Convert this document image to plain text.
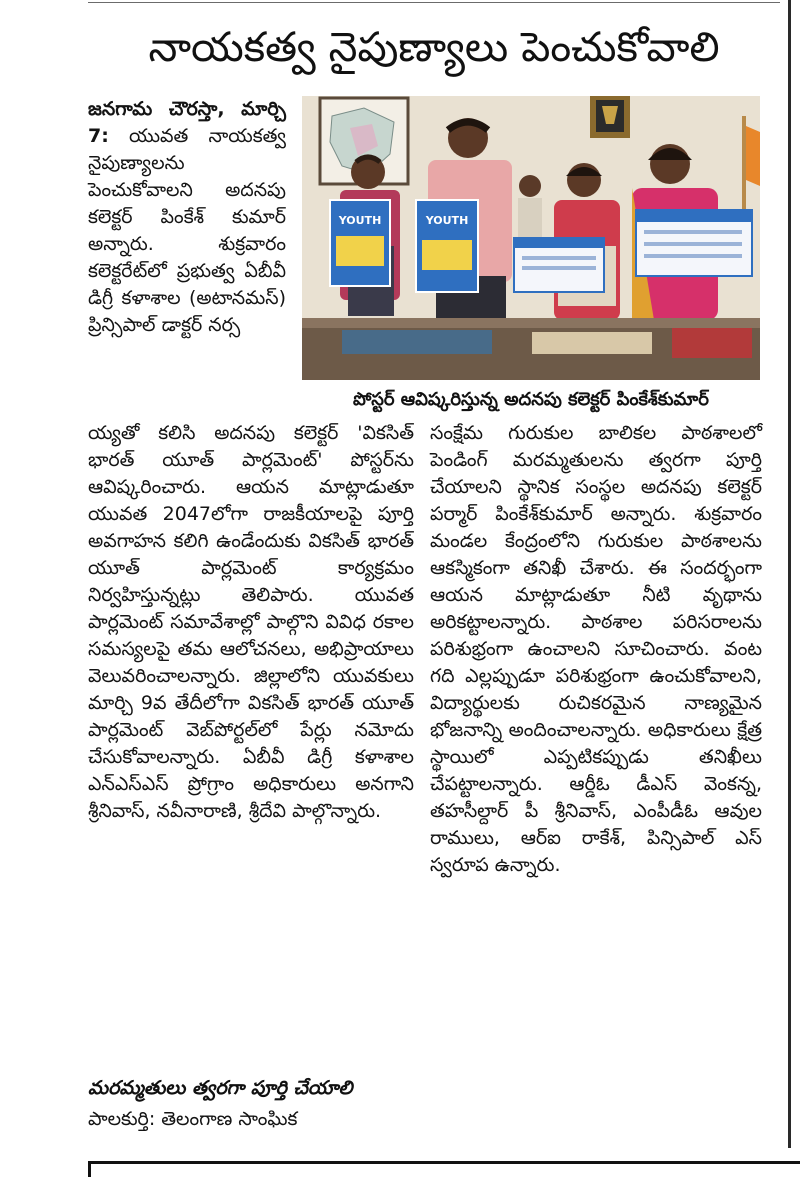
నాయకత్వ నైపుణ్యాలు పెంచుకోవాలి

జనగామ చౌరస్తా, మార్చి 7: యువత నాయకత్వ నైపుణ్యాలను పెంచుకోవాలని అదనపు కలెక్టర్ పింకేశ్ కుమార్ అన్నారు. శుక్రవారం కలెక్టరేట్‌లో ప్రభుత్వ ఏబీవీ డిగ్రీ కళాశాల (అటానమస్) ప్రిన్సిపాల్ డాక్టర్ నర్స

YOUTH	YOUTH

పోస్టర్ ఆవిష్కరిస్తున్న అదనపు కలెక్టర్ పింకేశ్‌కుమార్

య్యతో కలిసి అదనపు కలెక్టర్ 'వికసిత్ భారత్ యూత్ పార్లమెంట్' పోస్టర్‌ను ఆవిష్కరించారు. ఆయన మాట్లాడుతూ యువత 2047లోగా రాజకీయాలపై పూర్తి అవగాహన కలిగి ఉండేందుకు వికసిత్ భారత్ యూత్ పార్లమెంట్ కార్యక్రమం నిర్వహిస్తున్నట్లు తెలిపారు. యువత పార్లమెంట్ సమావేశాల్లో పాల్గొని వివిధ రకాల సమస్యలపై తమ ఆలోచనలు, అభిప్రాయాలు వెలువరించాలన్నారు. జిల్లాలోని యువకులు మార్చి 9వ తేదీలోగా వికసిత్ భారత్ యూత్ పార్లమెంట్ వెబ్‌పోర్టల్‌లో పేర్లు నమోదు చేసుకోవాలన్నారు. ఏబీవీ డిగ్రీ కళాశాల ఎన్ఎస్ఎస్ ప్రోగ్రాం అధికారులు అనగాని శ్రీనివాస్, నవీనారాణి, శ్రీదేవి పాల్గొన్నారు.

మరమ్మతులు త్వరగా పూర్తి చేయాలి

పాలకుర్తి: తెలంగాణ సాంఘిక

సంక్షేమ గురుకుల బాలికల పాఠశాలలో పెండింగ్ మరమ్మతులను త్వరగా పూర్తి చేయాలని స్థానిక సంస్థల అదనపు కలెక్టర్ పర్మార్ పింకేశ్‌కుమార్ అన్నారు. శుక్రవారం మండల కేంద్రంలోని గురుకుల పాఠశాలను ఆకస్మికంగా తనిఖీ చేశారు. ఈ సందర్భంగా ఆయన మాట్లాడుతూ నీటి వృథాను అరికట్టాలన్నారు. పాఠశాల పరిసరాలను పరిశుభ్రంగా ఉంచాలని సూచించారు. వంట గది ఎల్లప్పుడూ పరిశుభ్రంగా ఉంచుకోవాలని, విద్యార్థులకు రుచికరమైన నాణ్యమైన భోజనాన్ని అందించాలన్నారు. అధికారులు క్షేత్ర స్థాయిలో ఎప్పటికప్పుడు తనిఖీలు చేపట్టాలన్నారు. ఆర్డీఓ డీఎస్ వెంకన్న, తహసీల్దార్ పీ శ్రీనివాస్, ఎంపీడీఓ ఆవుల రాములు, ఆర్ఐ రాకేశ్, పిన్సిపాల్ ఎస్ స్వరూప ఉన్నారు.
